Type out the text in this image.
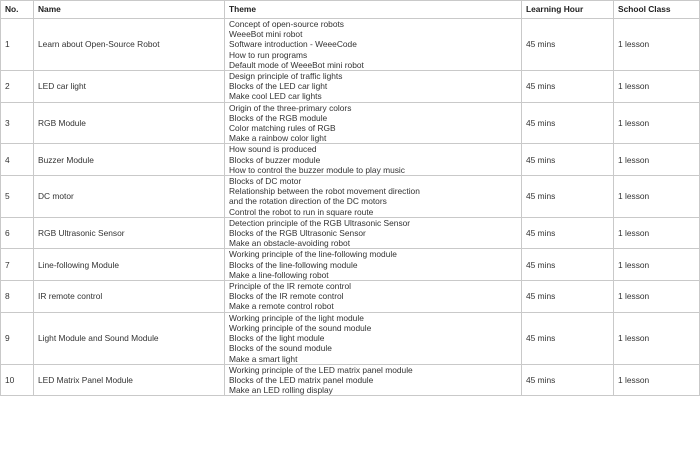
No.	Name	Theme	Learning Hour	School Class
1	Learn about Open-Source Robot	Concept of open-source robots
WeeeBot mini robot
Software introduction - WeeeCode
How to run programs
Default mode of WeeeBot mini robot	45 mins	1 lesson
2	LED car light	Design principle of traffic lights
Blocks of the LED car light
Make cool LED car lights	45 mins	1 lesson
3	RGB Module	Origin of the three-primary colors
Blocks of the RGB module
Color matching rules of RGB
Make a rainbow color light	45 mins	1 lesson
4	Buzzer Module	How sound is produced
Blocks of buzzer module
How to control the buzzer module to play music	45 mins	1 lesson
5	DC motor	Blocks of DC motor
Relationship between the robot movement direction
and the rotation direction of the DC motors
Control the robot to run in square route	45 mins	1 lesson
6	RGB Ultrasonic Sensor	Detection principle of the RGB Ultrasonic Sensor
Blocks of the RGB Ultrasonic Sensor
Make an obstacle-avoiding robot	45 mins	1 lesson
7	Line-following Module	Working principle of the line-following module
Blocks of the line-following module
Make a line-following robot	45 mins	1 lesson
8	IR remote control	Principle of the IR remote control
Blocks of the IR remote control
Make a remote control robot	45 mins	1 lesson
9	Light Module and Sound Module	Working principle of the light module
Working principle of the sound module
Blocks of the light module
Blocks of the sound module
Make a smart light	45 mins	1 lesson
10	LED Matrix Panel Module	Working principle of the LED matrix panel module
Blocks of the LED matrix panel module
Make an LED rolling display	45 mins	1 lesson
